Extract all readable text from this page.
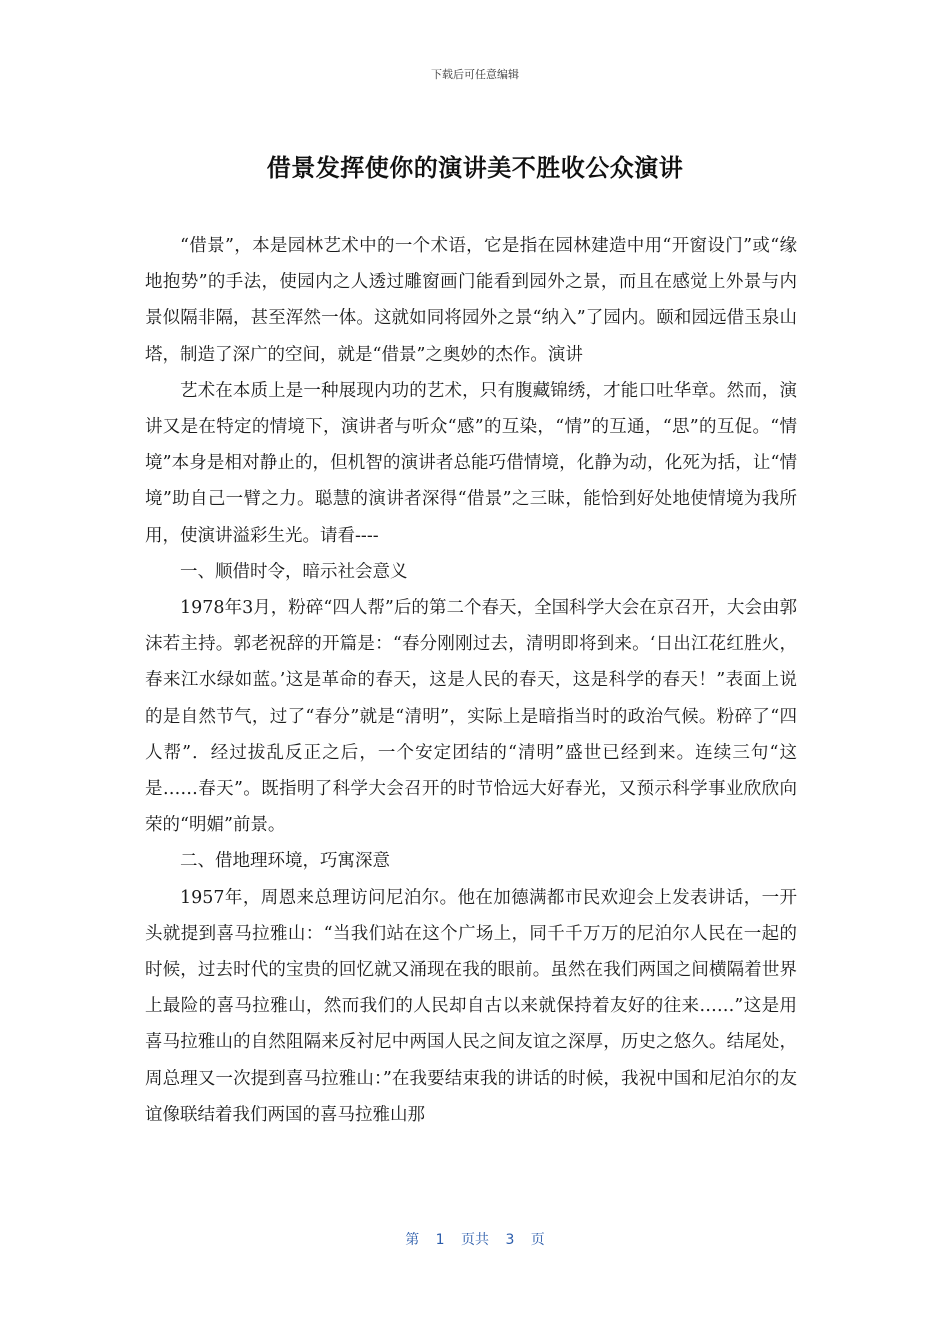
下载后可任意编辑
借景发挥使你的演讲美不胜收公众演讲

“借景”，本是园林艺术中的一个术语，它是指在园林建造中用“开窗设门”或“缘地抱势”的手法，使园内之人透过雕窗画门能看到园外之景，而且在感觉上外景与内景似隔非隔，甚至浑然一体。这就如同将园外之景“纳入”了园内。颐和园远借玉泉山塔，制造了深广的空间，就是“借景”之奥妙的杰作。演讲

艺术在本质上是一种展现内功的艺术，只有腹藏锦绣，才能口吐华章。然而，演讲又是在特定的情境下，演讲者与听众“感”的互染，“情”的互通，“思”的互促。“情境”本身是相对静止的，但机智的演讲者总能巧借情境，化静为动，化死为括，让“情境”助自己一臂之力。聪慧的演讲者深得“借景”之三昧，能恰到好处地使情境为我所用，使演讲溢彩生光。请看----

一、顺借时令，暗示社会意义

1978年3月，粉碎“四人帮”后的第二个春天，全国科学大会在京召开，大会由郭沫若主持。郭老祝辞的开篇是：“春分刚刚过去，清明即将到来。‘日出江花红胜火，春来江水绿如蓝。’这是革命的春天，这是人民的春天，这是科学的春天！”表面上说的是自然节气，过了“春分”就是“清明”，实际上是暗指当时的政治气候。粉碎了“四人帮”．经过拔乱反正之后，一个安定团结的“清明”盛世已经到来。连续三句“这是……春天”。既指明了科学大会召开的时节恰远大好春光，又预示科学事业欣欣向荣的“明媚”前景。

二、借地理环境，巧寓深意

1957年，周恩来总理访问尼泊尔。他在加德满都市民欢迎会上发表讲话，一开头就提到喜马拉雅山：“当我们站在这个广场上，同千千万万的尼泊尔人民在一起的时候，过去时代的宝贵的回忆就又涌现在我的眼前。虽然在我们两国之间横隔着世界上最险的喜马拉雅山，然而我们的人民却自古以来就保持着友好的往来……”这是用喜马拉雅山的自然阻隔来反衬尼中两国人民之间友谊之深厚，历史之悠久。结尾处，周总理又一次提到喜马拉雅山：”在我要结束我的讲话的时候，我祝中国和尼泊尔的友谊像联结着我们两国的喜马拉雅山那

第 1 页共 3 页
